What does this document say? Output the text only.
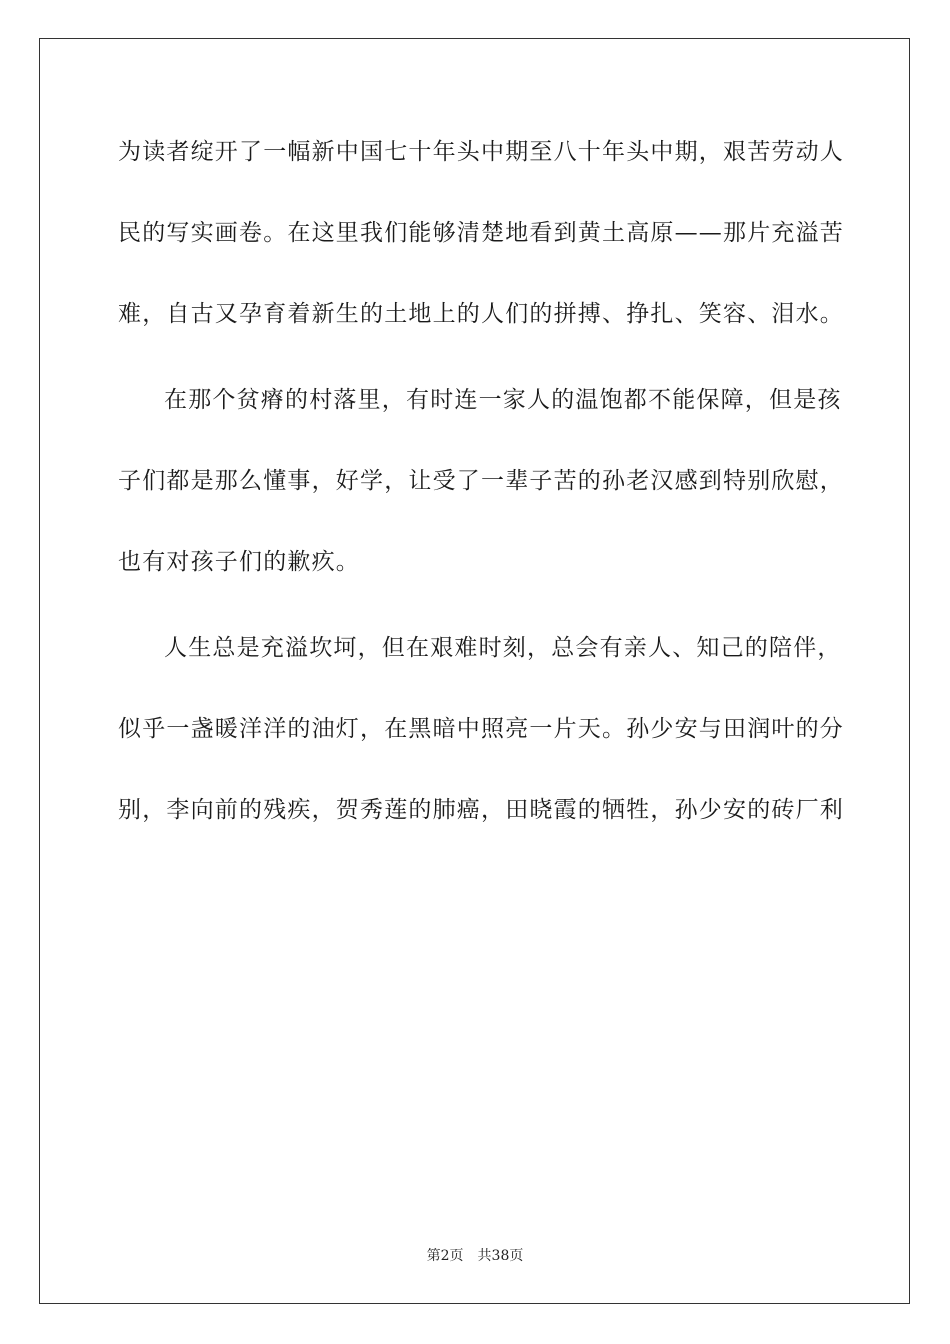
为读者绽开了一幅新中国七十年头中期至八十年头中期，艰苦劳动人
民的写实画卷。在这里我们能够清楚地看到黄土高原——那片充溢苦
难，自古又孕育着新生的土地上的人们的拼搏、挣扎、笑容、泪水。
在那个贫瘠的村落里，有时连一家人的温饱都不能保障，但是孩
子们都是那么懂事，好学，让受了一辈子苦的孙老汉感到特别欣慰，
也有对孩子们的歉疚。
人生总是充溢坎坷，但在艰难时刻，总会有亲人、知己的陪伴，
似乎一盏暖洋洋的油灯，在黑暗中照亮一片天。孙少安与田润叶的分
别，李向前的残疾，贺秀莲的肺癌，田晓霞的牺牲，孙少安的砖厂利
第2页 共38页
